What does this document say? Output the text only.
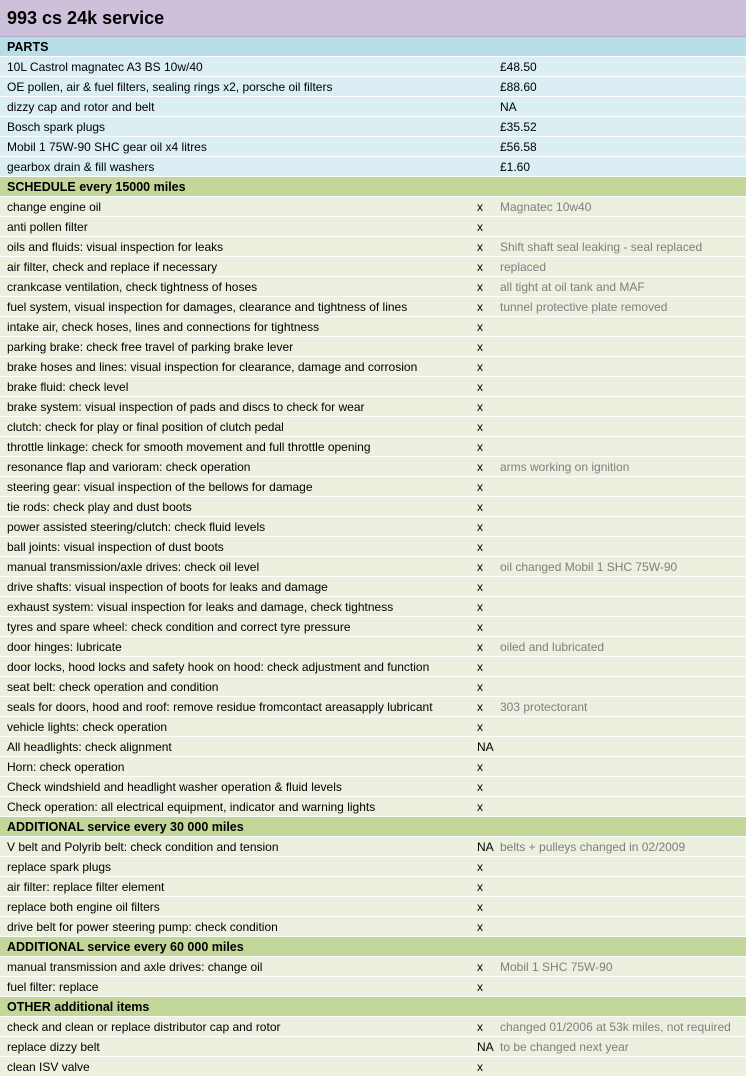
993 cs 24k service
PARTS
10L Castrol magnatec A3 BS 10w/40	£48.50
OE pollen, air & fuel filters, sealing rings x2, porsche oil filters	£88.60
dizzy cap and rotor and belt	NA
Bosch spark plugs	£35.52
Mobil 1 75W-90 SHC gear oil x4 litres	£56.58
gearbox drain & fill washers	£1.60
SCHEDULE every 15000 miles
change engine oil	x Magnatec 10w40
anti pollen filter	x
oils and fluids: visual inspection for leaks	x Shift shaft seal leaking - seal replaced
air filter, check and replace if necessary	x replaced
crankcase ventilation, check tightness of hoses	x all tight at oil tank and MAF
fuel system, visual inspection for damages, clearance and tightness of lines	x tunnel protective plate removed
intake air, check hoses, lines and connections for tightness	x
parking brake: check free travel of parking brake lever	x
brake hoses and lines: visual inspection for clearance, damage and corrosion	x
brake fluid: check level	x
brake system: visual inspection of pads and discs to check for wear	x
clutch: check for play or final position of clutch pedal	x
throttle linkage: check for smooth movement and full throttle opening	x
resonance flap and varioram: check operation	x arms working on ignition
steering gear: visual inspection of the bellows for damage	x
tie rods: check play and dust boots	x
power assisted steering/clutch: check fluid levels	x
ball joints: visual inspection of dust boots	x
manual transmission/axle drives: check oil level	x oil changed Mobil 1 SHC 75W-90
drive shafts: visual inspection of boots for leaks and damage	x
exhaust system: visual inspection for leaks and damage, check tightness	x
tyres and spare wheel: check condition and correct tyre pressure	x
door hinges: lubricate	x oiled and lubricated
door locks, hood locks and safety hook on hood: check adjustment and function	x
seat belt: check operation and condition	x
seals for doors, hood and roof: remove residue fromcontact areasapply lubricant	x 303 protectorant
vehicle lights: check operation	x
All headlights: check alignment	NA
Horn: check operation	x
Check windshield and headlight washer operation & fluid levels	x
Check operation: all electrical equipment, indicator and warning lights	x
ADDITIONAL service every 30 000 miles
V belt and Polyrib belt: check condition and tension	NA belts + pulleys changed in 02/2009
replace spark plugs	x
air filter: replace filter element	x
replace both engine oil filters	x
drive belt for power steering pump: check condition	x
ADDITIONAL service every 60 000 miles
manual transmission and axle drives: change oil	x Mobil 1 SHC 75W-90
fuel filter: replace	x
OTHER additional items
check and clean or replace distributor cap and rotor	x changed 01/2006 at 53k miles, not required
replace dizzy belt	NA to be changed next year
clean ISV valve	x
